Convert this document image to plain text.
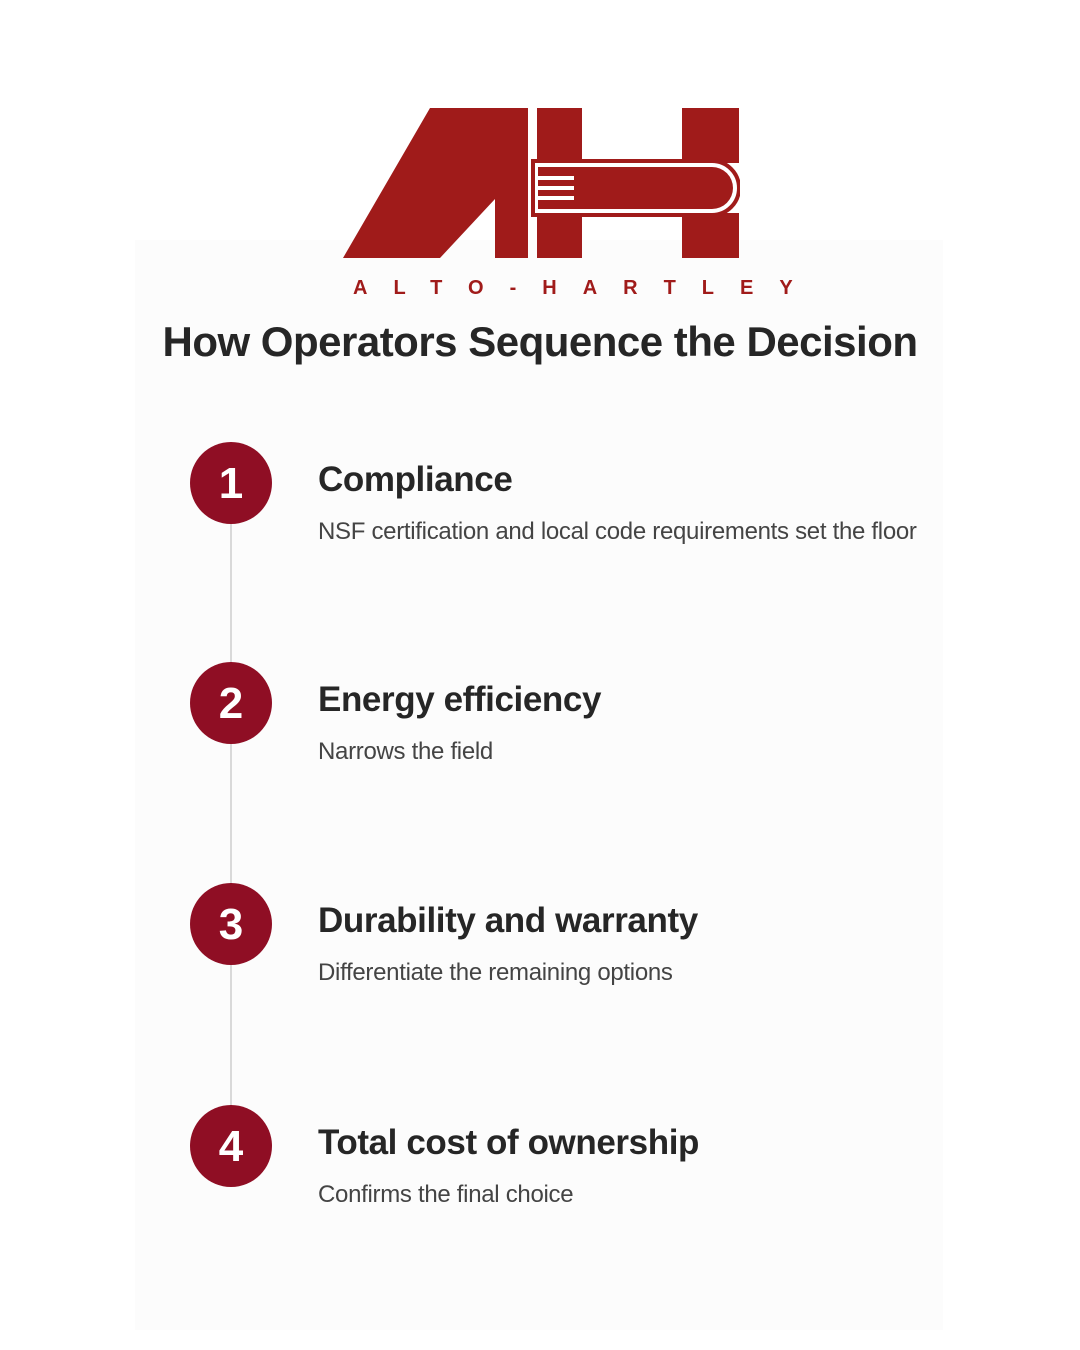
ALTO-HARTLEY
How Operators Sequence the Decision
1	Compliance
NSF certification and local code requirements set the floor
2	Energy efficiency
Narrows the field
3	Durability and warranty
Differentiate the remaining options
4	Total cost of ownership
Confirms the final choice
